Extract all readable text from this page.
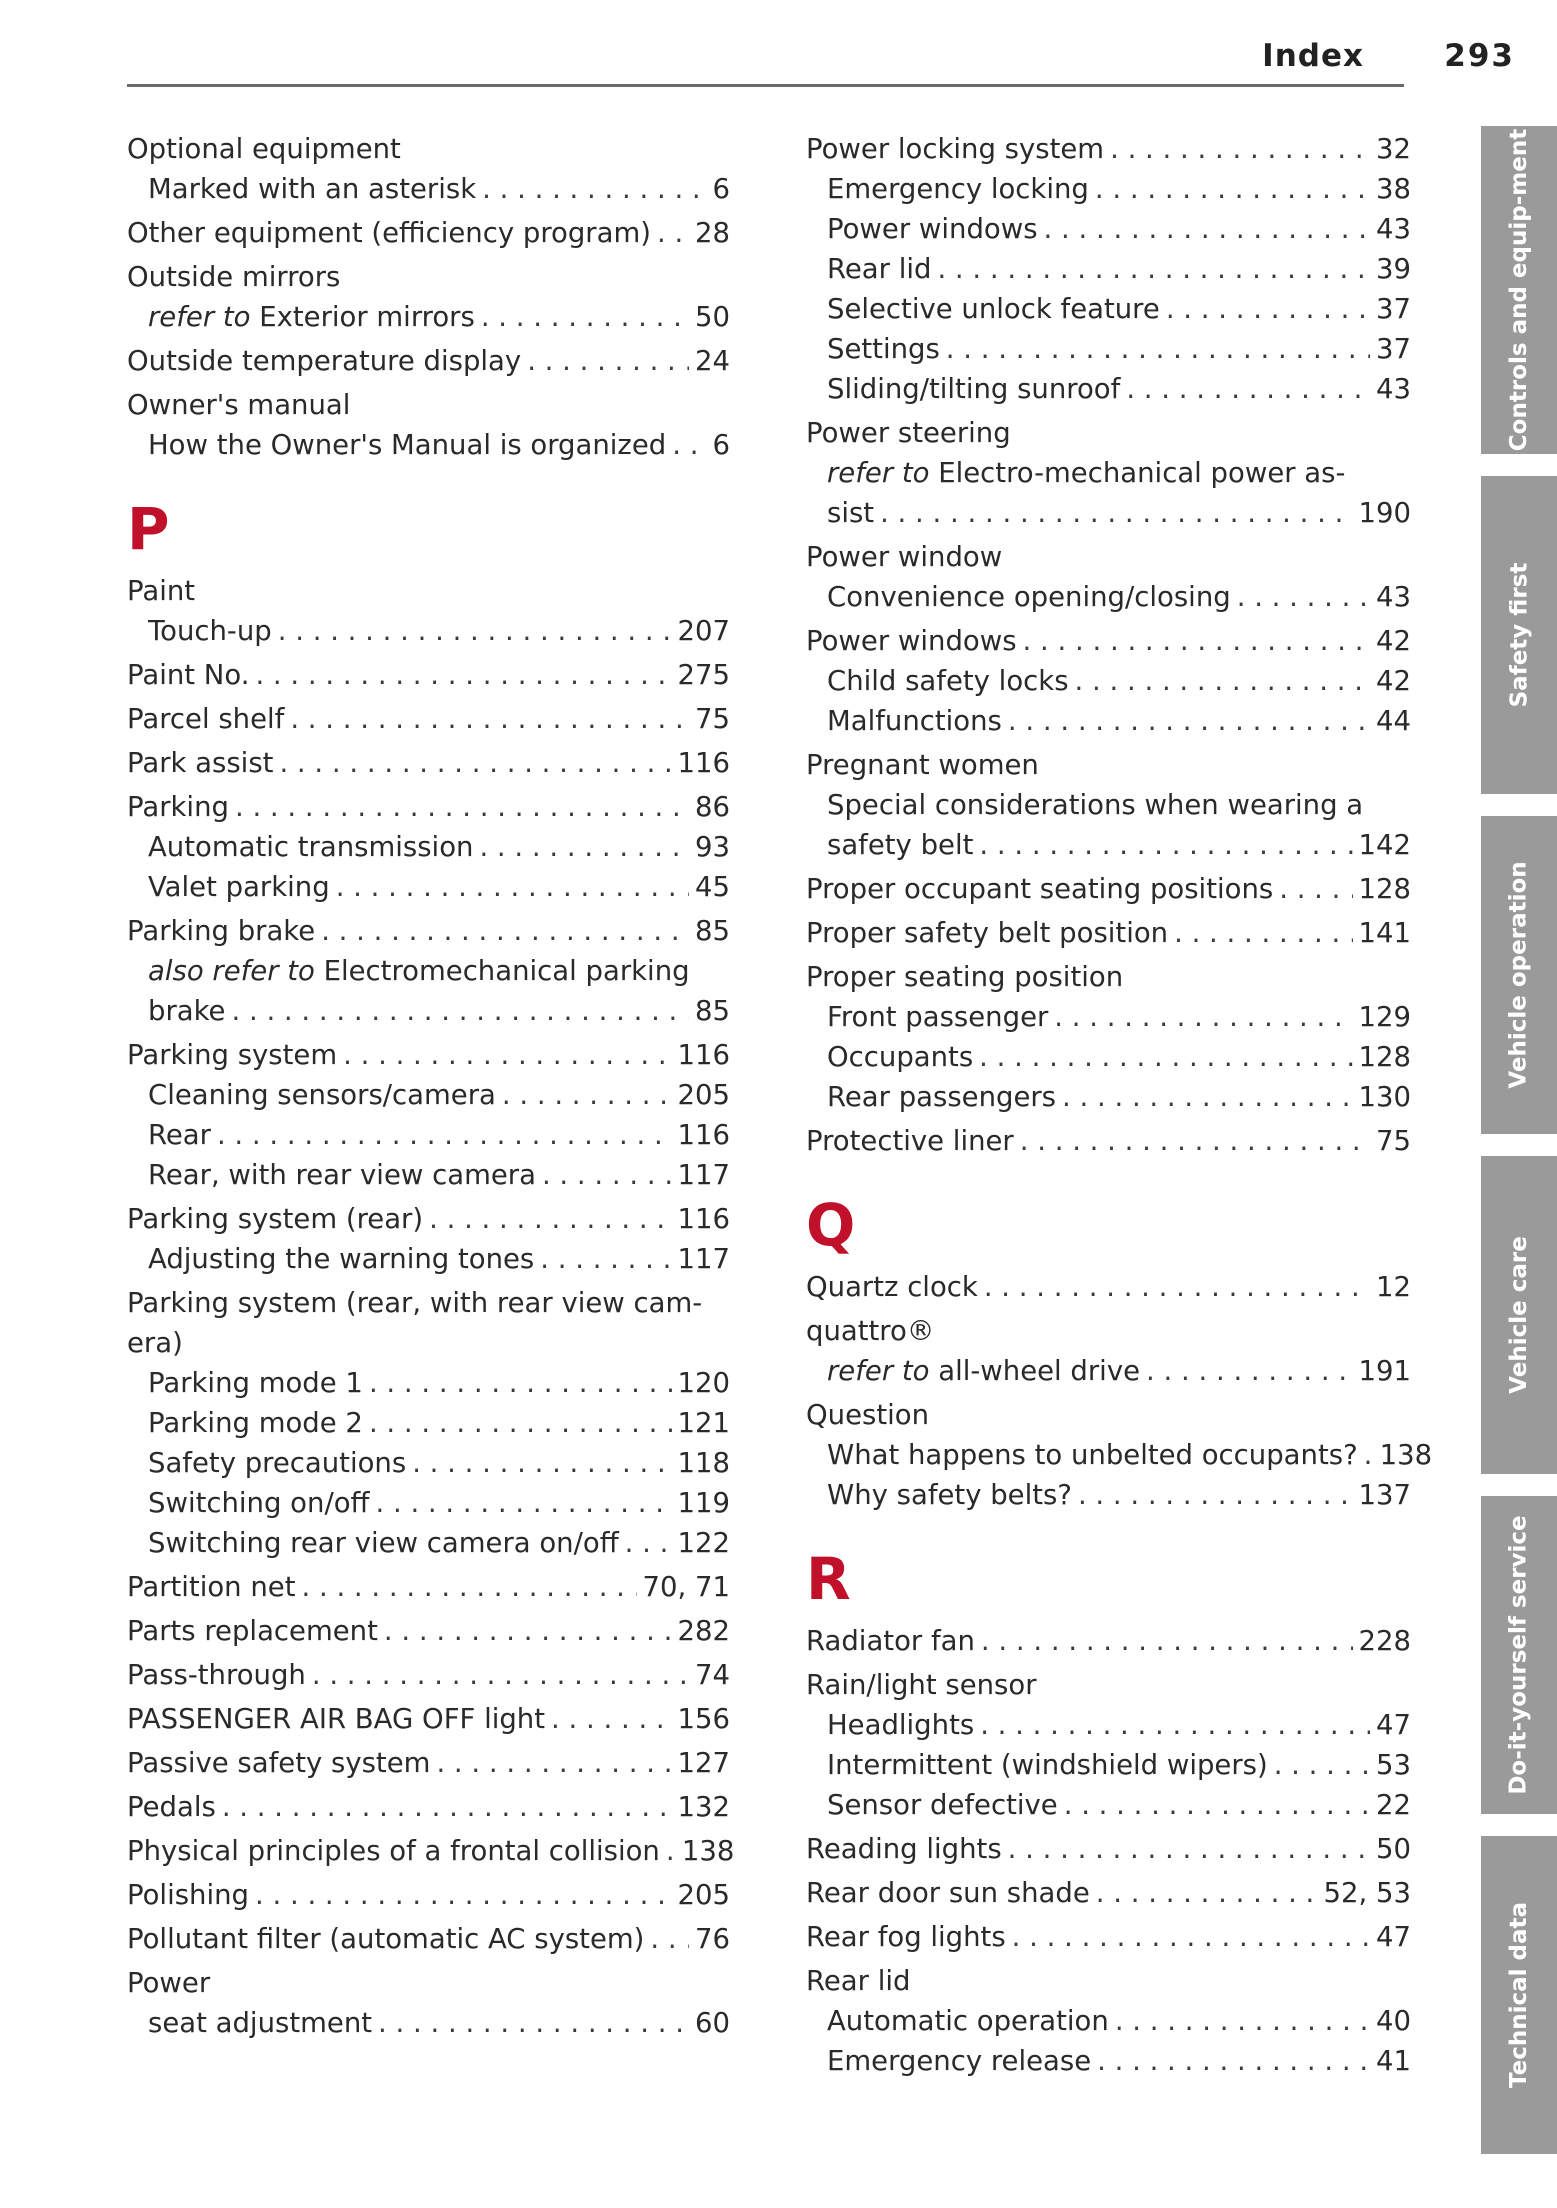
Index	293
Optional equipment
Marked with an asterisk . . .	6
Other equipment (efficiency program) . . . 28
Outside mirrors
refer to Exterior mirrors . . .	50
Outside temperature display . . .	24
Owner's manual
How the Owner's Manual is organized . . . 6
P
Paint
Touch-up . . .	207
Paint No. . . .	275
Parcel shelf . . .	75
Park assist . . .	116
Parking . . .	86
Automatic transmission . . .	93
Valet parking . . .	45
Parking brake . . .	85
also refer to Electromechanical parking
brake . . .	85
Parking system . . .	116
Cleaning sensors/camera . . .	205
Rear . . .	116
Rear, with rear view camera . . .	117
Parking system (rear) . . .	116
Adjusting the warning tones . . .	117
Parking system (rear, with rear view cam-
era)
Parking mode 1 . . .	120
Parking mode 2 . . .	121
Safety precautions . . .	118
Switching on/off . . .	119
Switching rear view camera on/off . . . 122
Partition net . . .	70, 71
Parts replacement . . .	282
Pass-through . . .	74
PASSENGER AIR BAG OFF light . . .	156
Passive safety system . . .	127
Pedals . . .	132
Physical principles of a frontal collision . . . 138
Polishing . . .	205
Pollutant filter (automatic AC system) . . . 76
Power
seat adjustment . . .	60
Power locking system . . .	32
Emergency locking . . .	38
Power windows . . .	43
Rear lid . . .	39
Selective unlock feature . . .	37
Settings . . .	37
Sliding/tilting sunroof . . .	43
Power steering
refer to Electro-mechanical power as-
sist . . .	190
Power window
Convenience opening/closing . . .	43
Power windows . . .	42
Child safety locks . . .	42
Malfunctions . . .	44
Pregnant women
Special considerations when wearing a
safety belt . . .	142
Proper occupant seating positions . . .	128
Proper safety belt position . . .	141
Proper seating position
Front passenger . . .	129
Occupants . . .	128
Rear passengers . . .	130
Protective liner . . .	75
Q
Quartz clock . . .	12
quattro®
refer to all-wheel drive . . .	191
Question
What happens to unbelted occupants? . . . 138
Why safety belts? . . .	137
R
Radiator fan . . .	228
Rain/light sensor
Headlights . . .	47
Intermittent (windshield wipers) . . .	53
Sensor defective . . .	22
Reading lights . . .	50
Rear door sun shade . . .	52, 53
Rear fog lights . . .	47
Rear lid
Automatic operation . . .	40
Emergency release . . .	41
Controls and equip-ment
Safety first
Vehicle operation
Vehicle care
Do-it-yourself service
Technical data
